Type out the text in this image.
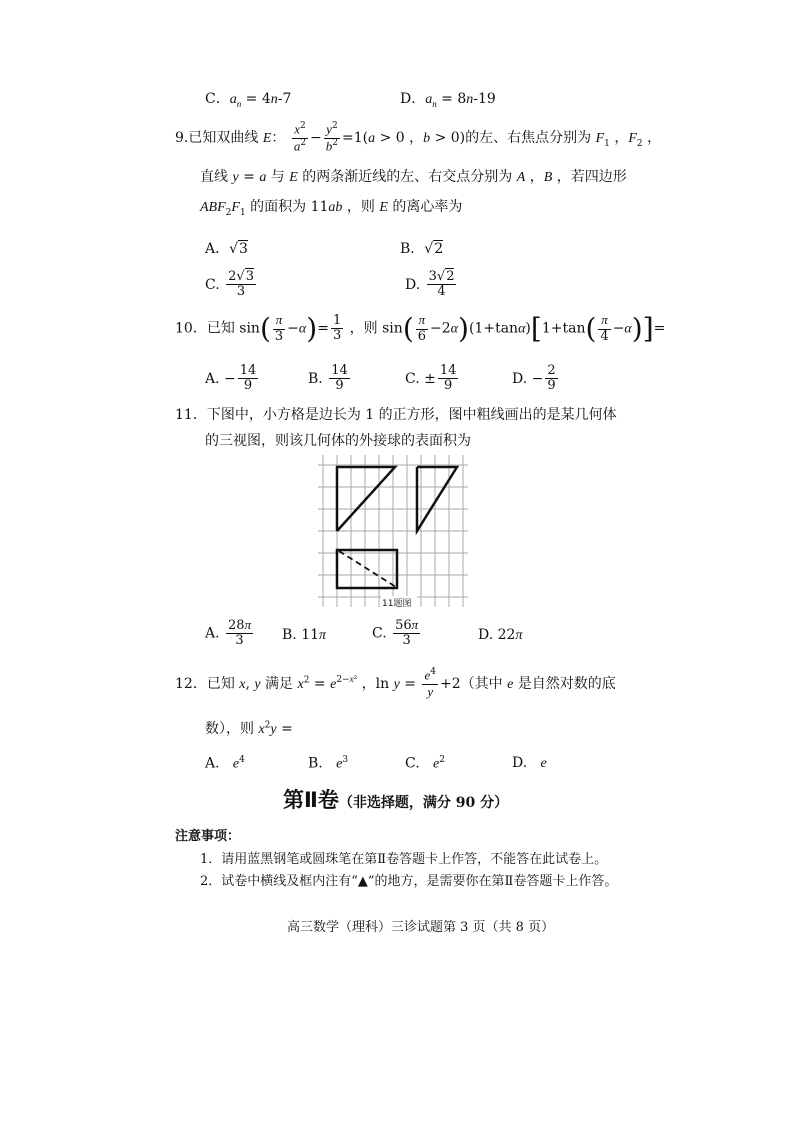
C．$a_n = 4n-7$	D．$a_n = 8n-19$
9.已知双曲线 E： $\frac{x^2}{a^2} - \frac{y^2}{b^2} =1(a > 0$ ，b > 0)的左、右焦点分别为 $F_1$ ，$F_2$ ，
直线 y = a 与 E 的两条渐近线的左、右交点分别为 A ，B ，若四边形
$ABF_2F_1$ 的面积为 11ab ，则 E 的离心率为
A．√3	B．√2
C. $\frac{2√3}{3}$	D. $\frac{3√2}{4}$
10．已知 $\sin( \frac{\pi}{3} -\alpha)= \frac{1}{3}$ ，则 $\sin( \frac{\pi}{6} -2\alpha)(1+\tan\alpha)[1+\tan( \frac{\pi}{4} -\alpha)]=$
A. − $\frac{14}{9}$	B. $\frac{14}{9}$	C. ± $\frac{14}{9}$	D. − $\frac{2}{9}$
11．下图中，小方格是边长为 1 的正方形，图中粗线画出的是某几何体
的三视图，则该几何体的外接球的表面积为
11题图
A. $\frac{28\pi}{3} B$. 11π	C. $\frac{56\pi}{3}$	D. 22π
12．已知 x, y 满足 $x^2 = e^{2-x^2}$ ，$\ln y = \frac{e^4}{y} +2$（其中 e 是自然对数的底
数），则 $x^2y$ =
A.   $e^4$	B.   $e^3$	C.   $e^2$	D.   e
第Ⅱ卷（非选择题，满分 90 分）
注意事项：
1．请用蓝黑钢笔或圆珠笔在第Ⅱ卷答题卡上作答，不能答在此试卷上。
2．试卷中横线及框内注有“▲”的地方，是需要你在第Ⅱ卷答题卡上作答。
高三数学（理科）三诊试题第 3 页（共 8 页）
